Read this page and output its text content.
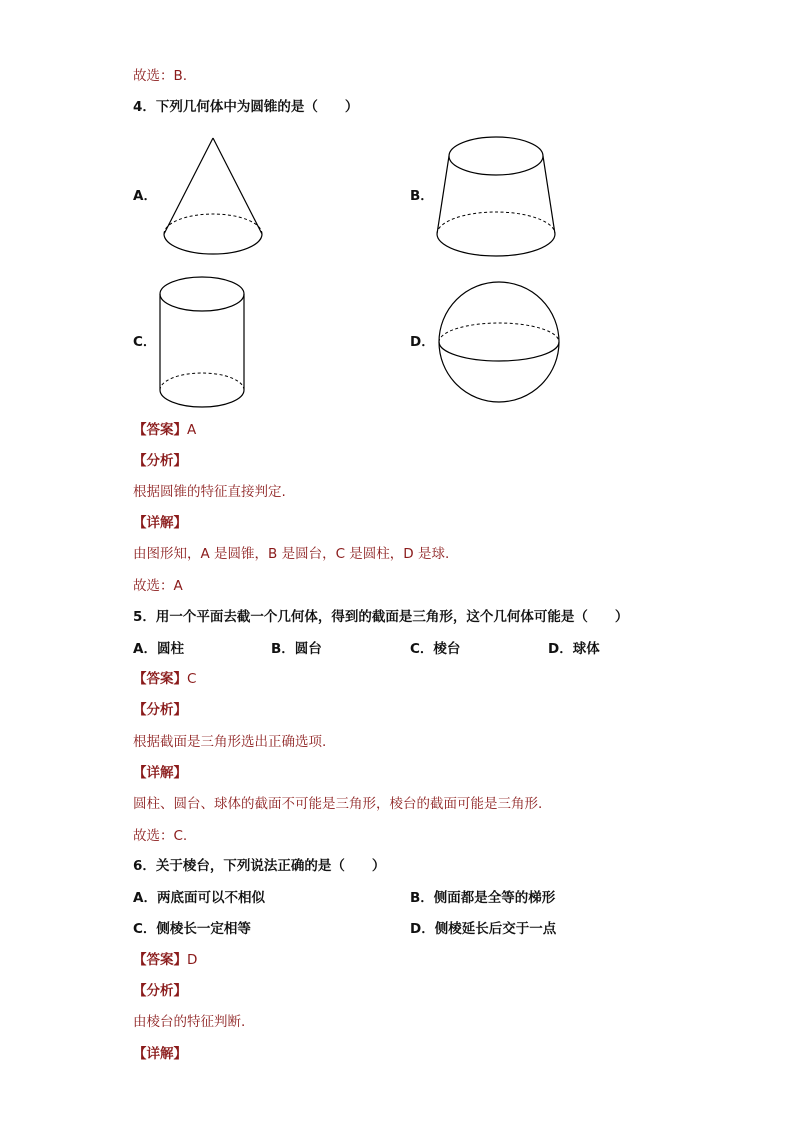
故选：B.
4．下列几何体中为圆锥的是（　　）
A．	B．
C．	D．
【答案】A
【分析】
根据圆锥的特征直接判定.
【详解】
由图形知，A 是圆锥，B 是圆台，C 是圆柱，D 是球.
故选：A
5．用一个平面去截一个几何体，得到的截面是三角形，这个几何体可能是（　　）
A．圆柱	B．圆台	C．棱台	D．球体
【答案】C
【分析】
根据截面是三角形选出正确选项.
【详解】
圆柱、圆台、球体的截面不可能是三角形，棱台的截面可能是三角形.
故选：C.
6．关于棱台，下列说法正确的是（　　）
A．两底面可以不相似	B．侧面都是全等的梯形
C．侧棱长一定相等	D．侧棱延长后交于一点
【答案】D
【分析】
由棱台的特征判断.
【详解】
